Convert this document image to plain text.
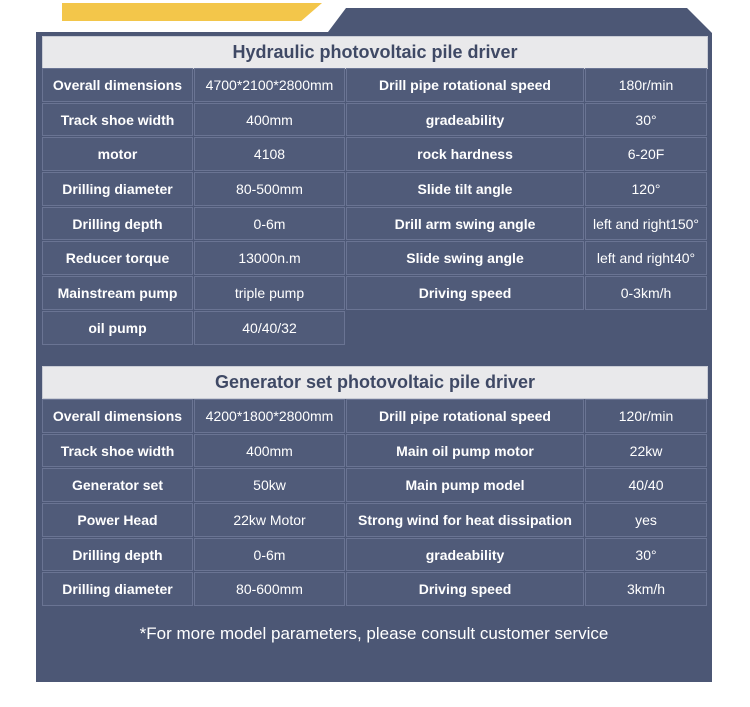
Hydraulic photovoltaic pile driver
Overall dimensions	4700*2100*2800mm	Drill pipe rotational speed	180r/min
Track shoe width	400mm	gradeability	30°
motor	4108	rock hardness	6-20F
Drilling diameter	80-500mm	Slide tilt angle	120°
Drilling depth	0-6m	Drill arm swing angle	left and right150°
Reducer torque	13000n.m	Slide swing angle	left and right40°
Mainstream pump	triple pump	Driving speed	0-3km/h
oil pump	40/40/32
Generator set photovoltaic pile driver
Overall dimensions	4200*1800*2800mm	Drill pipe rotational speed	120r/min
Track shoe width	400mm	Main oil pump motor	22kw
Generator set	50kw	Main pump model	40/40
Power Head	22kw Motor	Strong wind for heat dissipation	yes
Drilling depth	0-6m	gradeability	30°
Drilling diameter	80-600mm	Driving speed	3km/h
*For more model parameters, please consult customer service
